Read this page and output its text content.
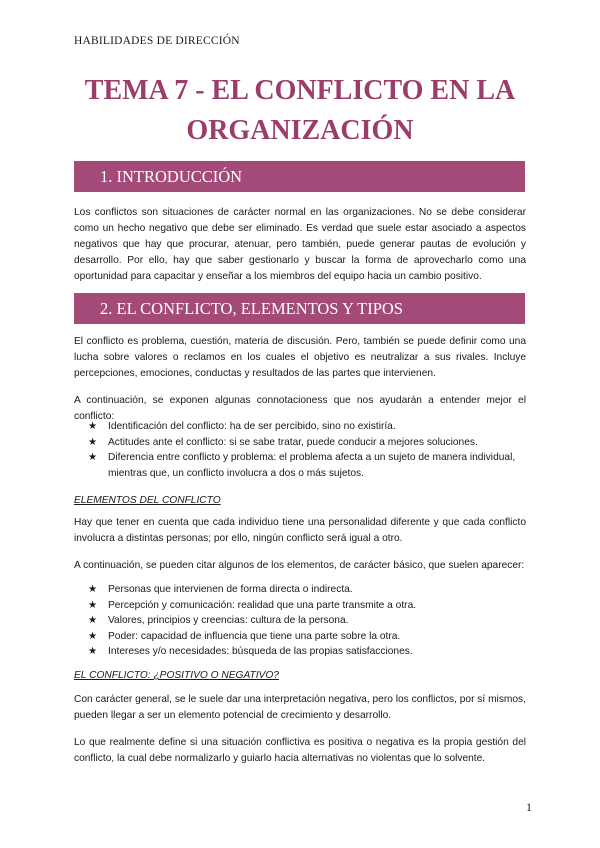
HABILIDADES DE DIRECCIÓN
TEMA 7 - EL CONFLICTO EN LA
ORGANIZACIÓN
1. INTRODUCCIÓN
Los conflictos son situaciones de carácter normal en las organizaciones. No se debe considerar como un hecho negativo que debe ser eliminado. Es verdad que suele estar asociado a aspectos negativos que hay que procurar, atenuar, pero también, puede generar pautas de evolución y desarrollo. Por ello, hay que saber gestionarlo y buscar la forma de aprovecharlo como una oportunidad para capacitar y enseñar a los miembros del equipo hacia un cambio positivo.
2. EL CONFLICTO, ELEMENTOS Y TIPOS
El conflicto es problema, cuestión, materia de discusión. Pero, también se puede definir como una lucha sobre valores o reclamos en los cuales el objetivo es neutralizar a sus rivales. Incluye percepciones, emociones, conductas y resultados de las partes que intervienen.
A continuación, se exponen algunas connotacioness que nos ayudarán a entender mejor el conflicto:
★ Identificación del conflicto: ha de ser percibido, sino no existiría.
★ Actitudes ante el conflicto: si se sabe tratar, puede conducir a mejores soluciones.
★ Diferencia entre conflicto y problema: el problema afecta a un sujeto de manera individual, mientras que, un conflicto involucra a dos o más sujetos.
ELEMENTOS DEL CONFLICTO
Hay que tener en cuenta que cada individuo tiene una personalidad diferente y que cada conflicto involucra a distintas personas; por ello, ningún conflicto será igual a otro.
A continuación, se pueden citar algunos de los elementos, de carácter básico, que suelen aparecer:
★ Personas que intervienen de forma directa o indirecta.
★ Percepción y comunicación: realidad que una parte transmite a otra.
★ Valores, principios y creencias: cultura de la persona.
★ Poder: capacidad de influencia que tiene una parte sobre la otra.
★ Intereses y/o necesidades: búsqueda de las propias satisfacciones.
EL CONFLICTO: ¿POSITIVO O NEGATIVO?
Con carácter general, se le suele dar una interpretación negativa, pero los conflictos, por sí mismos, pueden llegar a ser un elemento potencial de crecimiento y desarrollo.
Lo que realmente define si una situación conflictiva es positiva o negativa es la propia gestión del conflicto, la cual debe normalizarlo y guiarlo hacia alternativas no violentas que lo solvente.
1
